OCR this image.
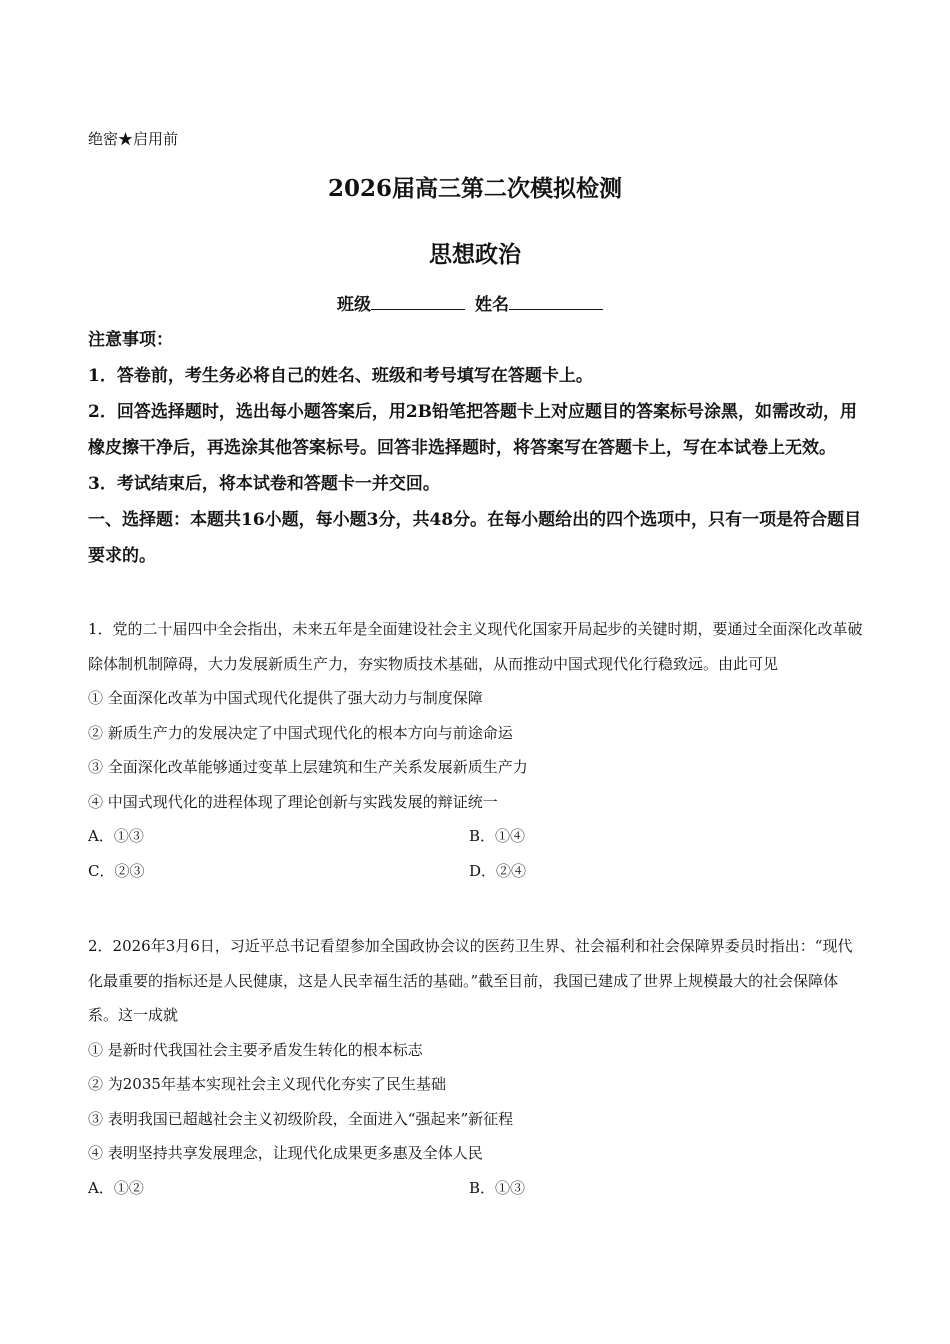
绝密★启用前
2026届高三第二次模拟检测
思想政治
班级	姓名

注意事项：

1．答卷前，考生务必将自己的姓名、班级和考号填写在答题卡上。

2．回答选择题时，选出每小题答案后，用2B铅笔把答题卡上对应题目的答案标号涂黑，如需改动，用橡皮擦干净后，再选涂其他答案标号。回答非选择题时，将答案写在答题卡上，写在本试卷上无效。

3．考试结束后，将本试卷和答题卡一并交回。

一、选择题：本题共16小题，每小题3分，共48分。在每小题给出的四个选项中，只有一项是符合题目要求的。

1．党的二十届四中全会指出，未来五年是全面建设社会主义现代化国家开局起步的关键时期，要通过全面深化改革破除体制机制障碍，大力发展新质生产力，夯实物质技术基础，从而推动中国式现代化行稳致远。由此可见

① 全面深化改革为中国式现代化提供了强大动力与制度保障

② 新质生产力的发展决定了中国式现代化的根本方向与前途命运

③ 全面深化改革能够通过变革上层建筑和生产关系发展新质生产力

④ 中国式现代化的进程体现了理论创新与实践发展的辩证统一

A．①③	B．①④
C．②③	D．②④

2．2026年3月6日，习近平总书记看望参加全国政协会议的医药卫生界、社会福利和社会保障界委员时指出：“现代化最重要的指标还是人民健康，这是人民幸福生活的基础。”截至目前，我国已建成了世界上规模最大的社会保障体系。这一成就

① 是新时代我国社会主要矛盾发生转化的根本标志

② 为2035年基本实现社会主义现代化夯实了民生基础

③ 表明我国已超越社会主义初级阶段，全面进入“强起来”新征程

④ 表明坚持共享发展理念，让现代化成果更多惠及全体人民

A．①②	B．①③
